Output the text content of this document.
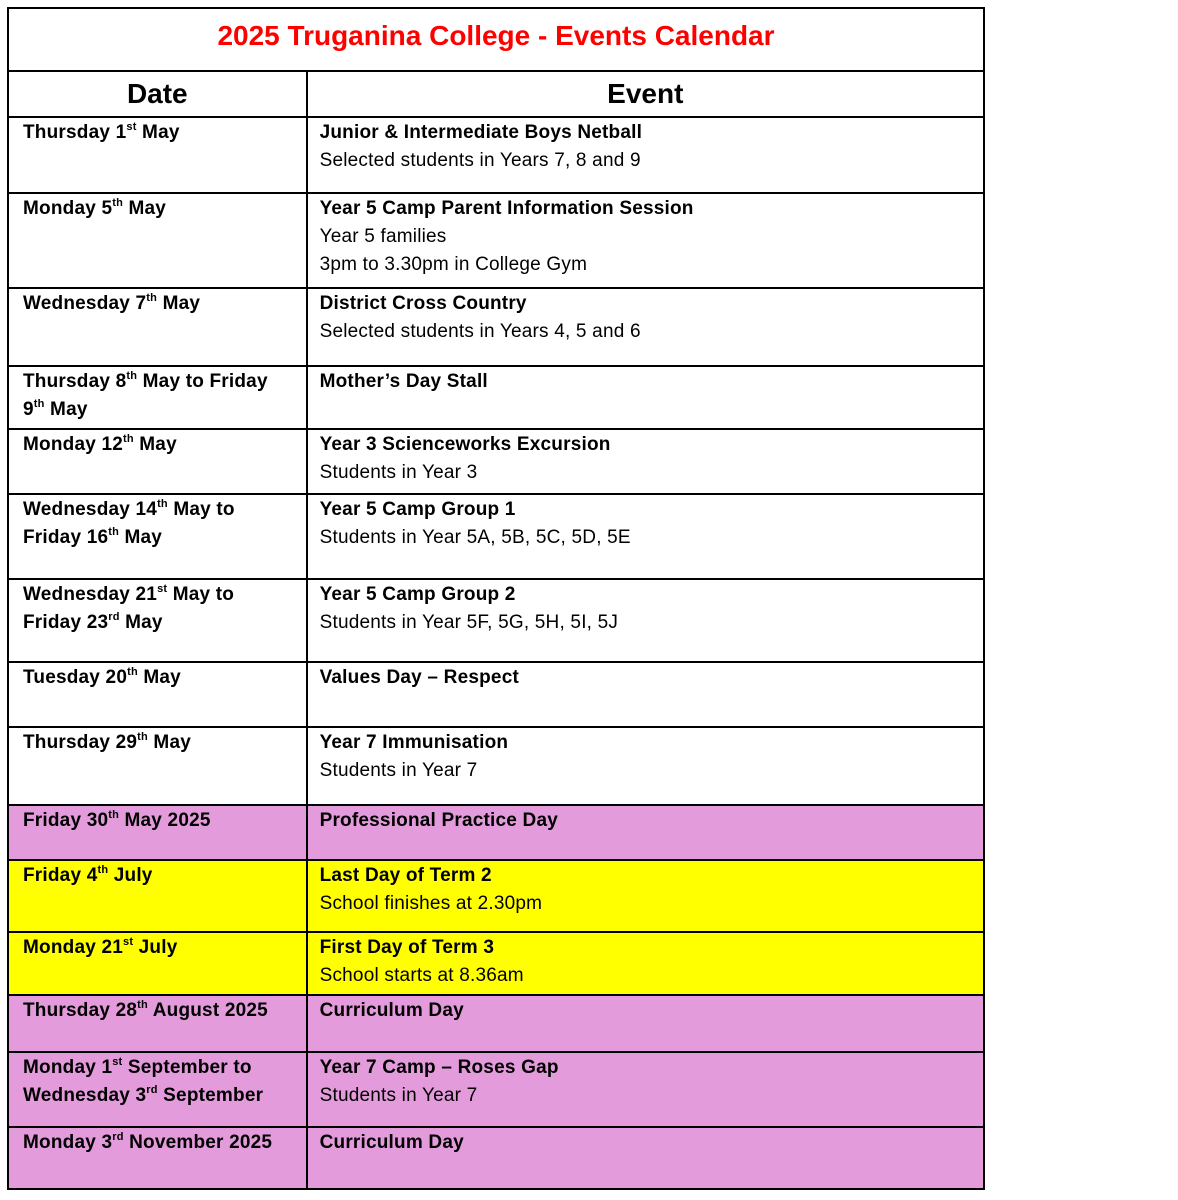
2025 Truganina College - Events Calendar	

Date	Event

Thursday 1st May	Junior & Intermediate Boys Netball
Selected students in Years 7, 8 and 9

Monday 5th May	Year 5 Camp Parent Information Session
Year 5 families
3pm to 3.30pm in College Gym

Wednesday 7th May	District Cross Country
Selected students in Years 4, 5 and 6

Thursday 8th May to Friday
9th May	Mother’s Day Stall

Monday 12th May	Year 3 Scienceworks Excursion
Students in Year 3

Wednesday 14th May to
Friday 16th May	Year 5 Camp Group 1
Students in Year 5A, 5B, 5C, 5D, 5E

Wednesday 21st May to
Friday 23rd May	Year 5 Camp Group 2
Students in Year 5F, 5G, 5H, 5I, 5J

Tuesday 20th May	Values Day – Respect

Thursday 29th May	Year 7 Immunisation
Students in Year 7

Friday 30th May 2025	Professional Practice Day

Friday 4th July	Last Day of Term 2
School finishes at 2.30pm

Monday 21st July	First Day of Term 3
School starts at 8.36am

Thursday 28th August 2025	Curriculum Day

Monday 1st September to
Wednesday 3rd September	Year 7 Camp – Roses Gap
Students in Year 7

Monday 3rd November 2025	Curriculum Day
